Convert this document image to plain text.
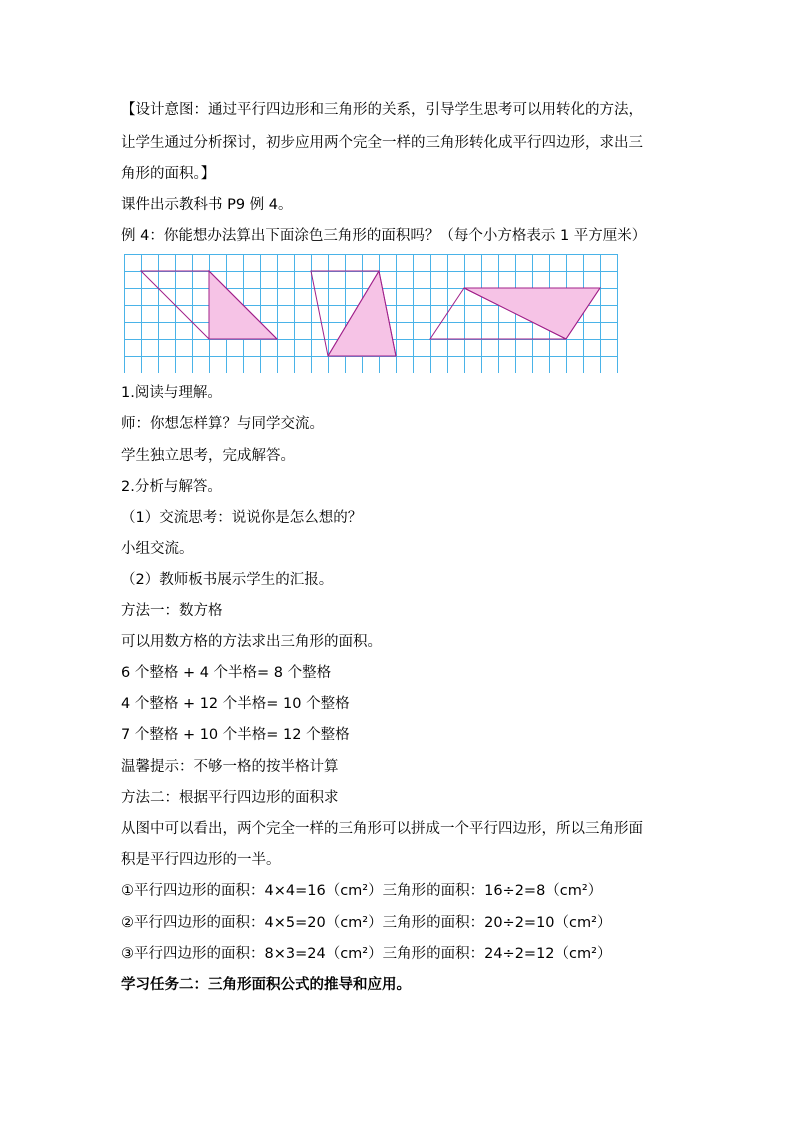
【设计意图：通过平行四边形和三角形的关系，引导学生思考可以用转化的方法，
让学生通过分析探讨，初步应用两个完全一样的三角形转化成平行四边形，求出三
角形的面积。】
课件出示教科书 P9 例 4。
例 4：你能想办法算出下面涂色三角形的面积吗？（每个小方格表示 1 平方厘米）
1.阅读与理解。
师：你想怎样算？与同学交流。
学生独立思考，完成解答。
2.分析与解答。
（1）交流思考：说说你是怎么想的？
小组交流。
（2）教师板书展示学生的汇报。
方法一：数方格
可以用数方格的方法求出三角形的面积。
6 个整格 + 4 个半格= 8 个整格
4 个整格 + 12 个半格= 10 个整格
7 个整格 + 10 个半格= 12 个整格
温馨提示：不够一格的按半格计算
方法二：根据平行四边形的面积求
从图中可以看出，两个完全一样的三角形可以拼成一个平行四边形，所以三角形面
积是平行四边形的一半。
①平行四边形的面积：4×4=16（cm²）三角形的面积：16÷2=8（cm²）
②平行四边形的面积：4×5=20（cm²）三角形的面积：20÷2=10（cm²）
③平行四边形的面积：8×3=24（cm²）三角形的面积：24÷2=12（cm²）
学习任务二：三角形面积公式的推导和应用。
